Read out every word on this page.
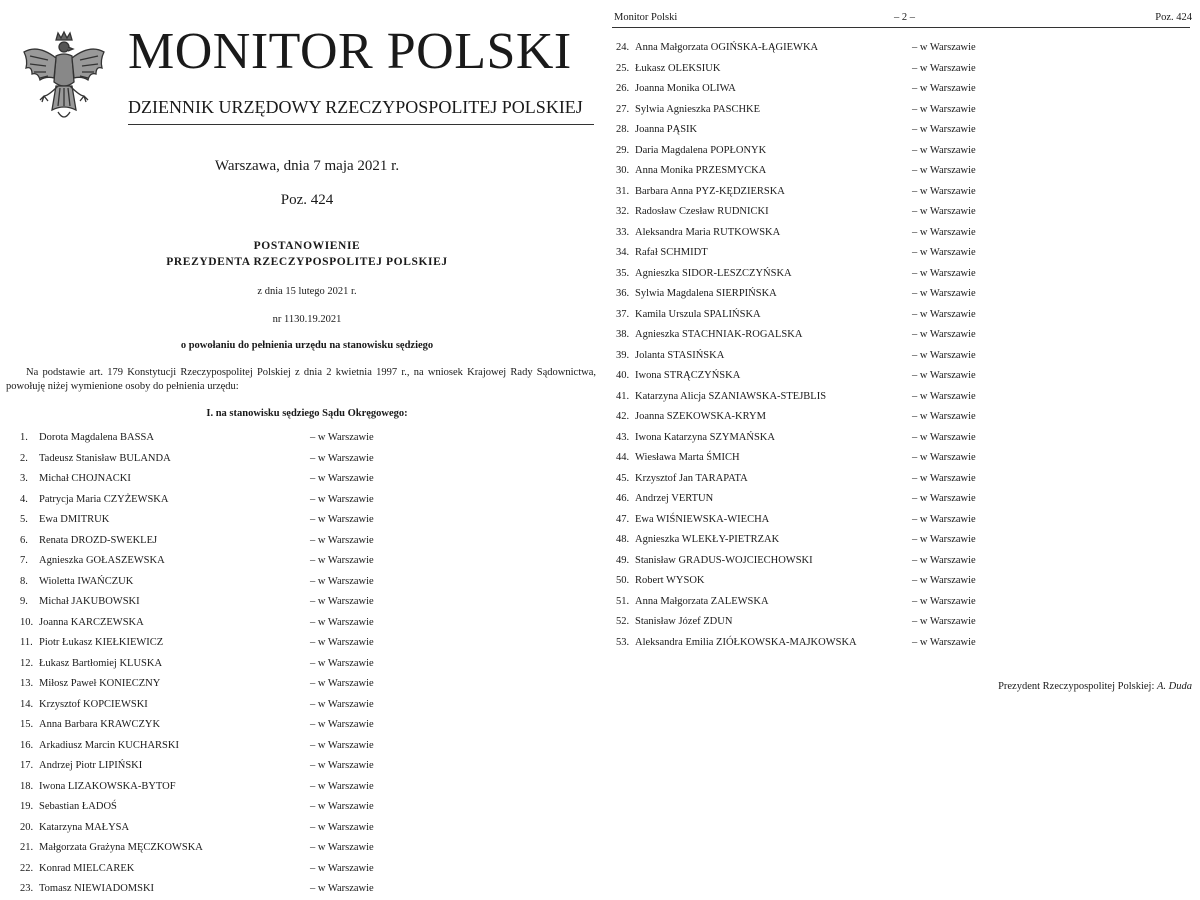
MONITOR POLSKI
DZIENNIK URZĘDOWY RZECZYPOSPOLITEJ POLSKIEJ
Warszawa, dnia 7 maja 2021 r.
Poz. 424
POSTANOWIENIE
PREZYDENTA RZECZYPOSPOLITEJ POLSKIEJ
z dnia 15 lutego 2021 r.
nr 1130.19.2021
o powołaniu do pełnienia urzędu na stanowisku sędziego
Na podstawie art. 179 Konstytucji Rzeczypospolitej Polskiej z dnia 2 kwietnia 1997 r., na wniosek Krajowej Rady Sądownictwa, powołuję niżej wymienione osoby do pełnienia urzędu:
I. na stanowisku sędziego Sądu Okręgowego:
1. Dorota Magdalena BASSA	– w Warszawie
2. Tadeusz Stanisław BULANDA	– w Warszawie
3. Michał CHOJNACKI	– w Warszawie
4. Patrycja Maria CZYŻEWSKA	– w Warszawie
5. Ewa DMITRUK	– w Warszawie
6. Renata DROZD-SWEKLEJ	– w Warszawie
7. Agnieszka GOŁASZEWSKA	– w Warszawie
8. Wioletta IWAŃCZUK	– w Warszawie
9. Michał JAKUBOWSKI	– w Warszawie
10. Joanna KARCZEWSKA	– w Warszawie
11. Piotr Łukasz KIEŁKIEWICZ	– w Warszawie
12. Łukasz Bartłomiej KLUSKA	– w Warszawie
13. Miłosz Paweł KONIECZNY	– w Warszawie
14. Krzysztof KOPCIEWSKI	– w Warszawie
15. Anna Barbara KRAWCZYK	– w Warszawie
16. Arkadiusz Marcin KUCHARSKI	– w Warszawie
17. Andrzej Piotr LIPIŃSKI	– w Warszawie
18. Iwona LIZAKOWSKA-BYTOF	– w Warszawie
19. Sebastian ŁADOŚ	– w Warszawie
20. Katarzyna MAŁYSA	– w Warszawie
21. Małgorzata Grażyna MĘCZKOWSKA	– w Warszawie
22. Konrad MIELCAREK	– w Warszawie
23. Tomasz NIEWIADOMSKI	– w Warszawie
Monitor Polski	– 2 –	Poz. 424
24. Anna Małgorzata OGIŃSKA-ŁĄGIEWKA	– w Warszawie
25. Łukasz OLEKSIUK	– w Warszawie
26. Joanna Monika OLIWA	– w Warszawie
27. Sylwia Agnieszka PASCHKE	– w Warszawie
28. Joanna PĄSIK	– w Warszawie
29. Daria Magdalena POPŁONYK	– w Warszawie
30. Anna Monika PRZESMYCKA	– w Warszawie
31. Barbara Anna PYZ-KĘDZIERSKA	– w Warszawie
32. Radosław Czesław RUDNICKI	– w Warszawie
33. Aleksandra Maria RUTKOWSKA	– w Warszawie
34. Rafał SCHMIDT	– w Warszawie
35. Agnieszka SIDOR-LESZCZYŃSKA	– w Warszawie
36. Sylwia Magdalena SIERPIŃSKA	– w Warszawie
37. Kamila Urszula SPALIŃSKA	– w Warszawie
38. Agnieszka STACHNIAK-ROGALSKA	– w Warszawie
39. Jolanta STASIŃSKA	– w Warszawie
40. Iwona STRĄCZYŃSKA	– w Warszawie
41. Katarzyna Alicja SZANIAWSKA-STEJBLIS	– w Warszawie
42. Joanna SZEKOWSKA-KRYM	– w Warszawie
43. Iwona Katarzyna SZYMAŃSKA	– w Warszawie
44. Wiesława Marta ŚMICH	– w Warszawie
45. Krzysztof Jan TARAPATA	– w Warszawie
46. Andrzej VERTUN	– w Warszawie
47. Ewa WIŚNIEWSKA-WIECHA	– w Warszawie
48. Agnieszka WLEKŁY-PIETRZAK	– w Warszawie
49. Stanisław GRADUS-WOJCIECHOWSKI	– w Warszawie
50. Robert WYSOK	– w Warszawie
51. Anna Małgorzata ZALEWSKA	– w Warszawie
52. Stanisław Józef ZDUN	– w Warszawie
53. Aleksandra Emilia ZIÓŁKOWSKA-MAJKOWSKA	– w Warszawie
Prezydent Rzeczypospolitej Polskiej: A. Duda
